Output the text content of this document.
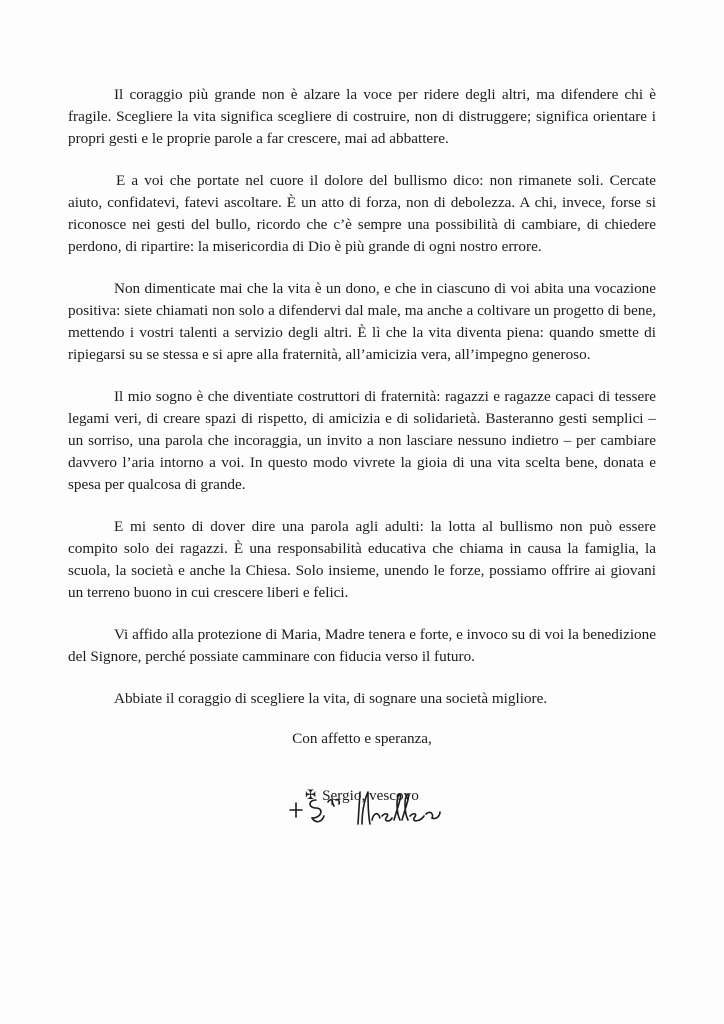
Il coraggio più grande non è alzare la voce per ridere degli altri, ma difendere chi è fragile. Scegliere la vita significa scegliere di costruire, non di distruggere; significa orientare i propri gesti e le proprie parole a far crescere, mai ad abbattere.

E a voi che portate nel cuore il dolore del bullismo dico: non rimanete soli. Cercate aiuto, confidatevi, fatevi ascoltare. È un atto di forza, non di debolezza. A chi, invece, forse si riconosce nei gesti del bullo, ricordo che c’è sempre una possibilità di cambiare, di chiedere perdono, di ripartire: la misericordia di Dio è più grande di ogni nostro errore.

Non dimenticate mai che la vita è un dono, e che in ciascuno di voi abita una vocazione positiva: siete chiamati non solo a difendervi dal male, ma anche a coltivare un progetto di bene, mettendo i vostri talenti a servizio degli altri. È lì che la vita diventa piena: quando smette di ripiegarsi su se stessa e si apre alla fraternità, all’amicizia vera, all’impegno generoso.

Il mio sogno è che diventiate costruttori di fraternità: ragazzi e ragazze capaci di tessere legami veri, di creare spazi di rispetto, di amicizia e di solidarietà. Basteranno gesti semplici – un sorriso, una parola che incoraggia, un invito a non lasciare nessuno indietro – per cambiare davvero l’aria intorno a voi. In questo modo vivrete la gioia di una vita scelta bene, donata e spesa per qualcosa di grande.

E mi sento di dover dire una parola agli adulti: la lotta al bullismo non può essere compito solo dei ragazzi. È una responsabilità educativa che chiama in causa la famiglia, la scuola, la società e anche la Chiesa. Solo insieme, unendo le forze, possiamo offrire ai giovani un terreno buono in cui crescere liberi e felici.

Vi affido alla protezione di Maria, Madre tenera e forte, e invoco su di voi la benedizione del Signore, perché possiate camminare con fiducia verso il futuro.

Abbiate il coraggio di scegliere la vita, di sognare una società migliore.

Con affetto e speranza,

✠ Sergio, vescovo
